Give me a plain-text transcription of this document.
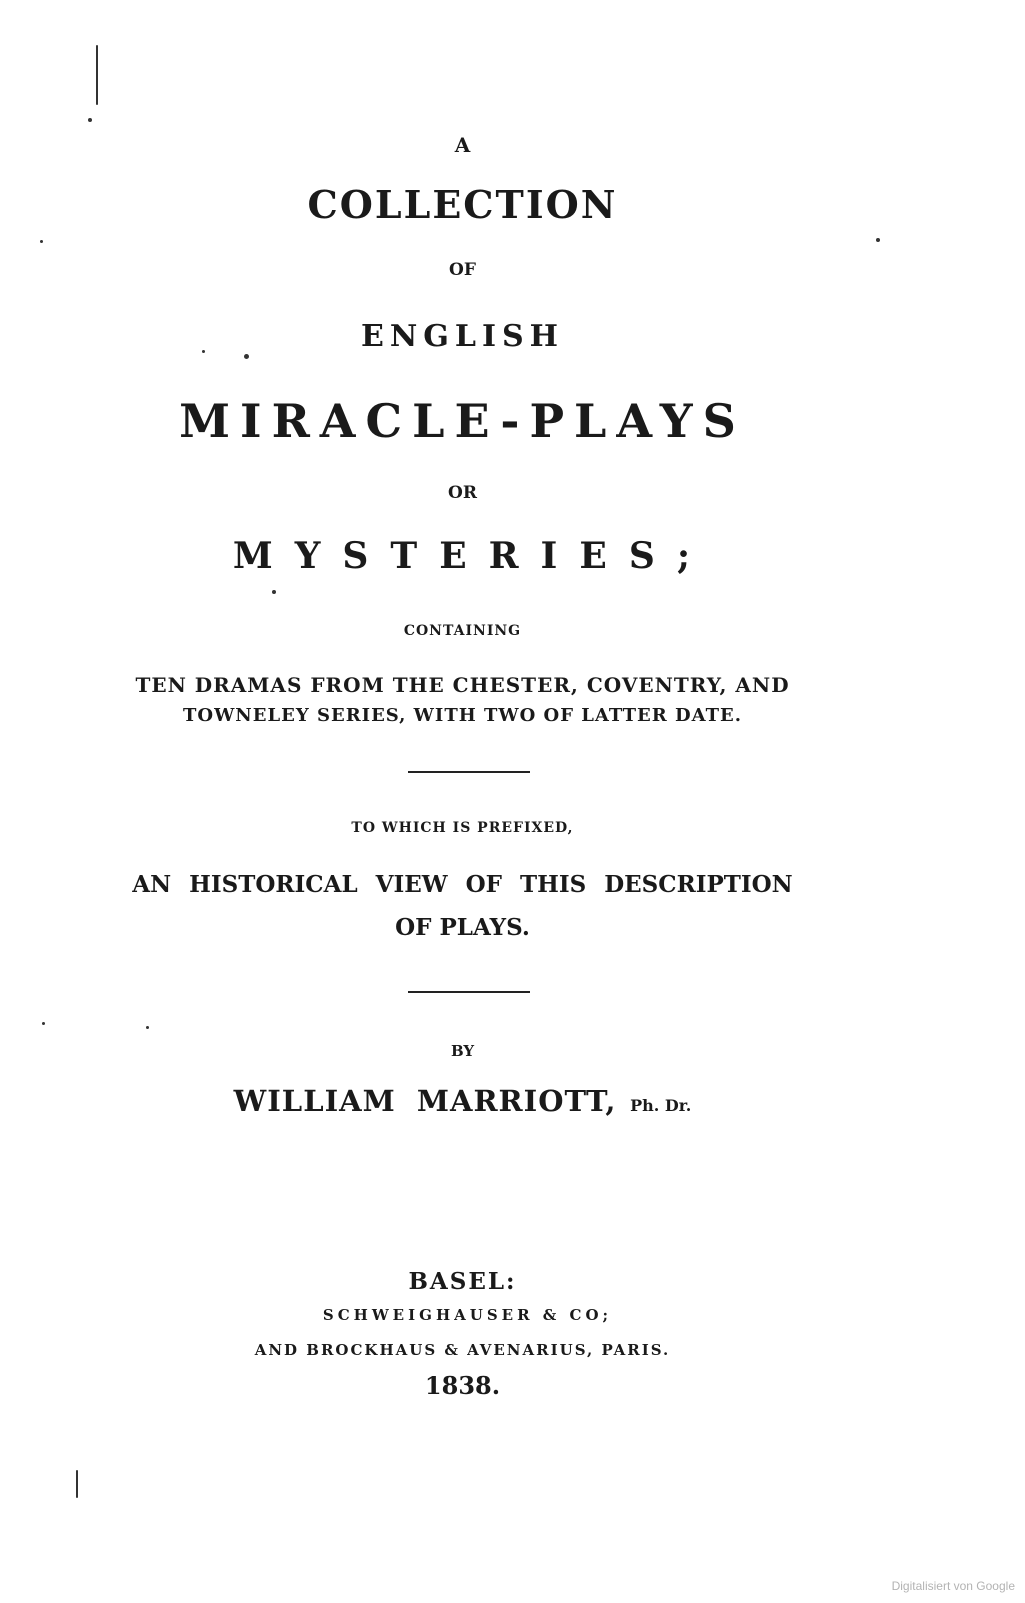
A
COLLECTION
OF
ENGLISH
MIRACLE-PLAYS
OR
MYSTERIES;
CONTAINING
TEN DRAMAS FROM THE CHESTER, COVENTRY, AND
TOWNELEY SERIES, WITH TWO OF LATTER DATE.
TO WHICH IS PREFIXED,
AN HISTORICAL VIEW OF THIS DESCRIPTION
OF PLAYS.
BY
WILLIAM MARRIOTT, Ph. Dr.
BASEL:
SCHWEIGHAUSER & CO;
AND BROCKHAUS & AVENARIUS, PARIS.
1838.
Digitalisiert von Google
